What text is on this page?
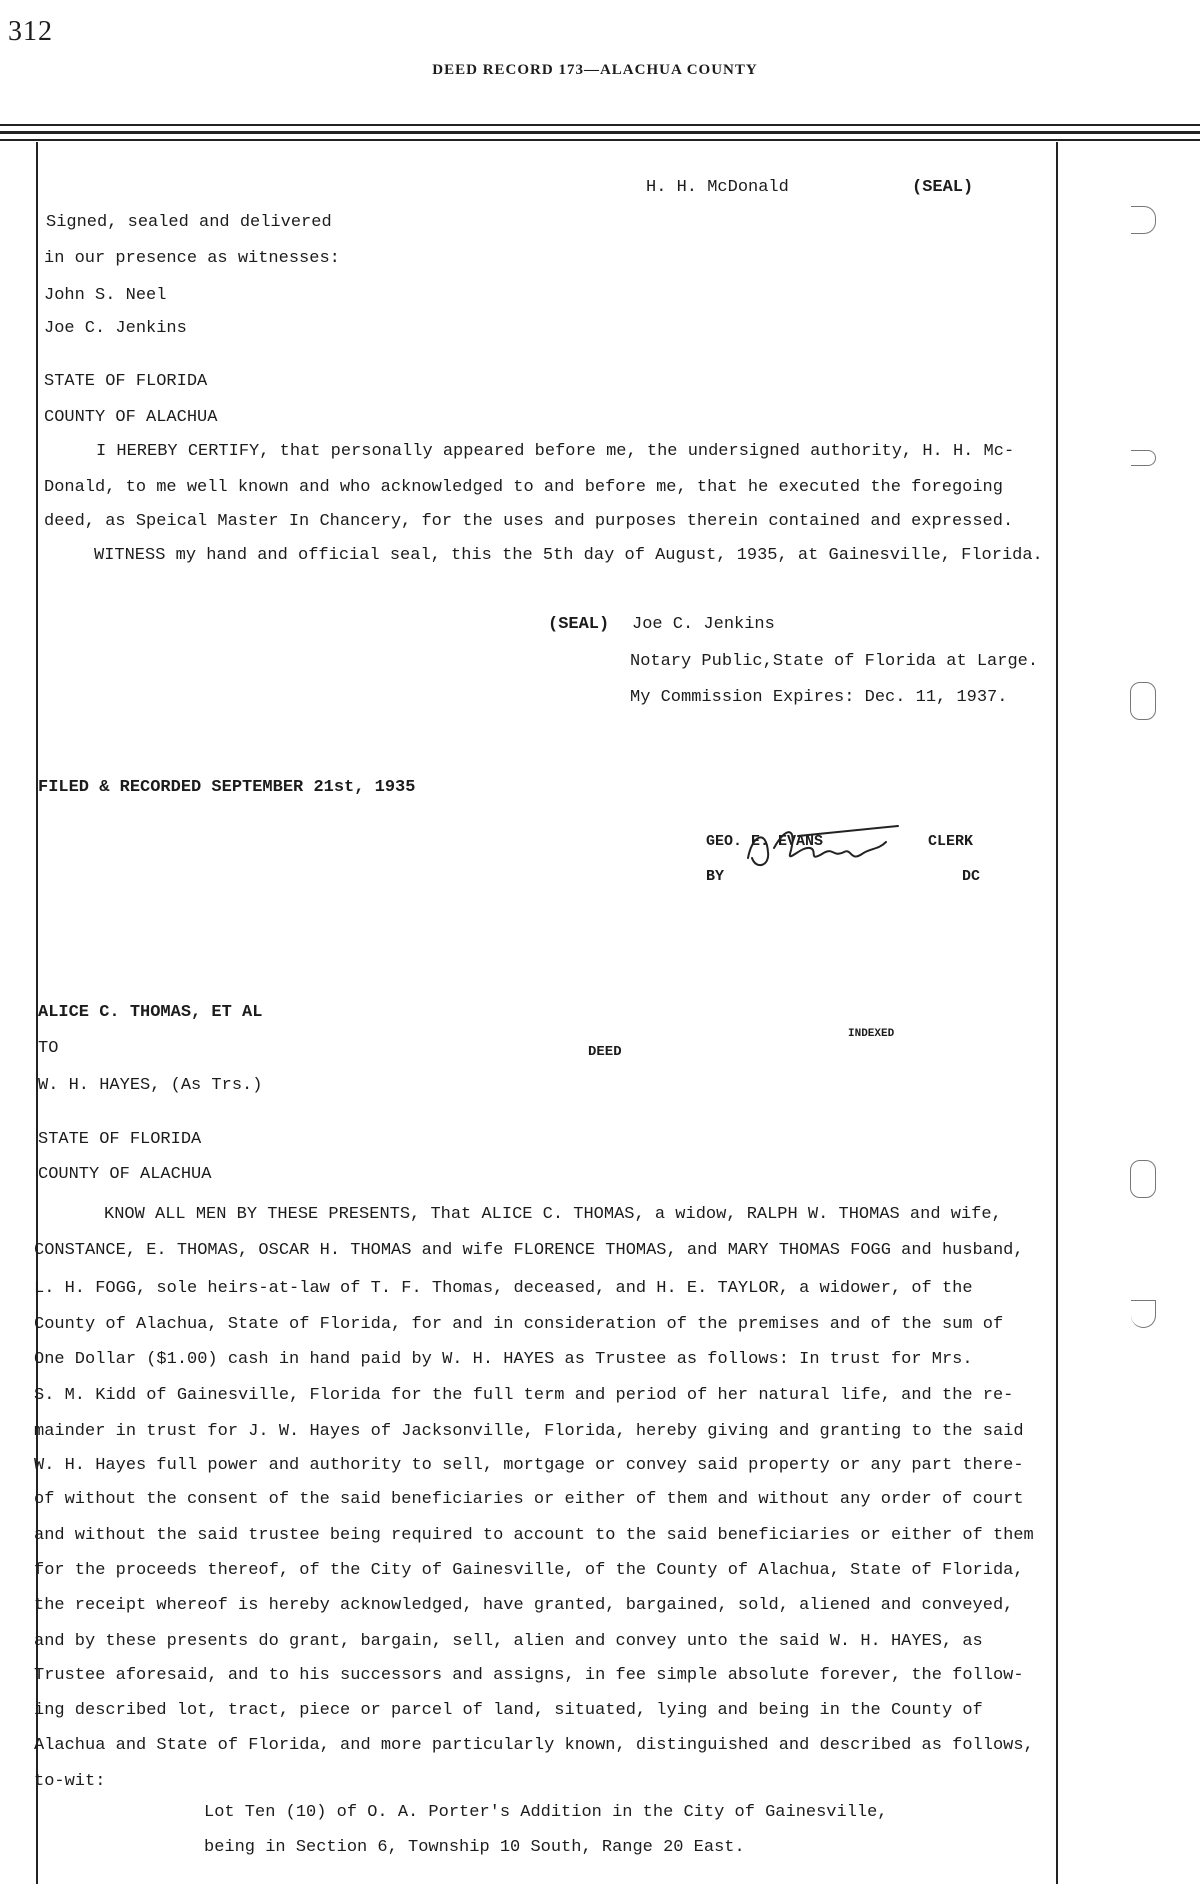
312
DEED RECORD 173—ALACHUA COUNTY
H. H. McDonald	(SEAL)
Signed, sealed and delivered
in our presence as witnesses:
John S. Neel
Joe C. Jenkins
STATE OF FLORIDA
COUNTY OF ALACHUA
I HEREBY CERTIFY, that personally appeared before me, the undersigned authority, H. H. Mc-
Donald, to me well known and who acknowledged to and before me, that he executed the foregoing
deed, as Speical Master In Chancery, for the uses and purposes therein contained and expressed.
WITNESS my hand and official seal, this the 5th day of August, 1935, at Gainesville, Florida.
(SEAL) Joe C. Jenkins
Notary Public,State of Florida at Large.
My Commission Expires: Dec. 11, 1937.
FILED & RECORDED SEPTEMBER 21st, 1935
GEO. E. EVANS	CLERK
BY	DC
ALICE C. THOMAS, ET AL
TO
W. H. HAYES, (As Trs.)
INDEXED
DEED
STATE OF FLORIDA
COUNTY OF ALACHUA
KNOW ALL MEN BY THESE PRESENTS, That ALICE C. THOMAS, a widow, RALPH W. THOMAS and wife,
CONSTANCE, E. THOMAS, OSCAR H. THOMAS and wife FLORENCE THOMAS, and MARY THOMAS FOGG and husband,
L. H. FOGG, sole heirs-at-law of T. F. Thomas, deceased, and H. E. TAYLOR, a widower, of the
County of Alachua, State of Florida, for and in consideration of the premises and of the sum of
One Dollar ($1.00) cash in hand paid by W. H. HAYES as Trustee as follows: In trust for Mrs.
S. M. Kidd of Gainesville, Florida for the full term and period of her natural life, and the re-
mainder in trust for J. W. Hayes of Jacksonville, Florida, hereby giving and granting to the said
W. H. Hayes full power and authority to sell, mortgage or convey said property or any part there-
of without the consent of the said beneficiaries or either of them and without any order of court
and without the said trustee being required to account to the said beneficiaries or either of them
for the proceeds thereof, of the City of Gainesville, of the County of Alachua, State of Florida,
the receipt whereof is hereby acknowledged, have granted, bargained, sold, aliened and conveyed,
and by these presents do grant, bargain, sell, alien and convey unto the said W. H. HAYES, as
Trustee aforesaid, and to his successors and assigns, in fee simple absolute forever, the follow-
ing described lot, tract, piece or parcel of land, situated, lying and being in the County of
Alachua and State of Florida, and more particularly known, distinguished and described as follows,
to-wit:
Lot Ten (10) of O. A. Porter's Addition in the City of Gainesville,
being in Section 6, Township 10 South, Range 20 East.
